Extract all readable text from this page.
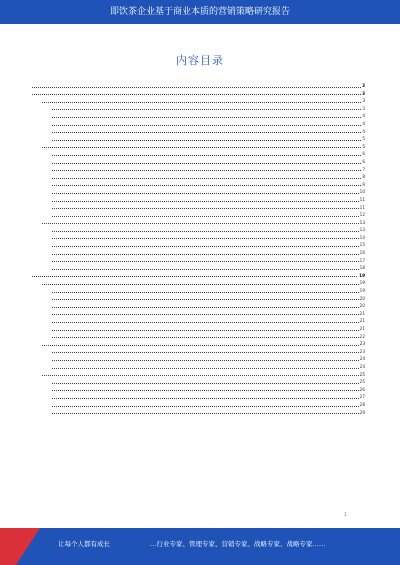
即饮茶企业基于商业本质的营销策略研究报告
内容目录
3
3
3
3
4
4
4
5
5
6
6
7
8
9
10
11
11
12
13
13
14
15
16
17
18
19
19
19
20
20
21
21
21
22
23
23
24
24
25
25
26
27
28
29
1
让每个人都有成长	…行业专家、管理专家、营销专家、战略专家、战略专家……
